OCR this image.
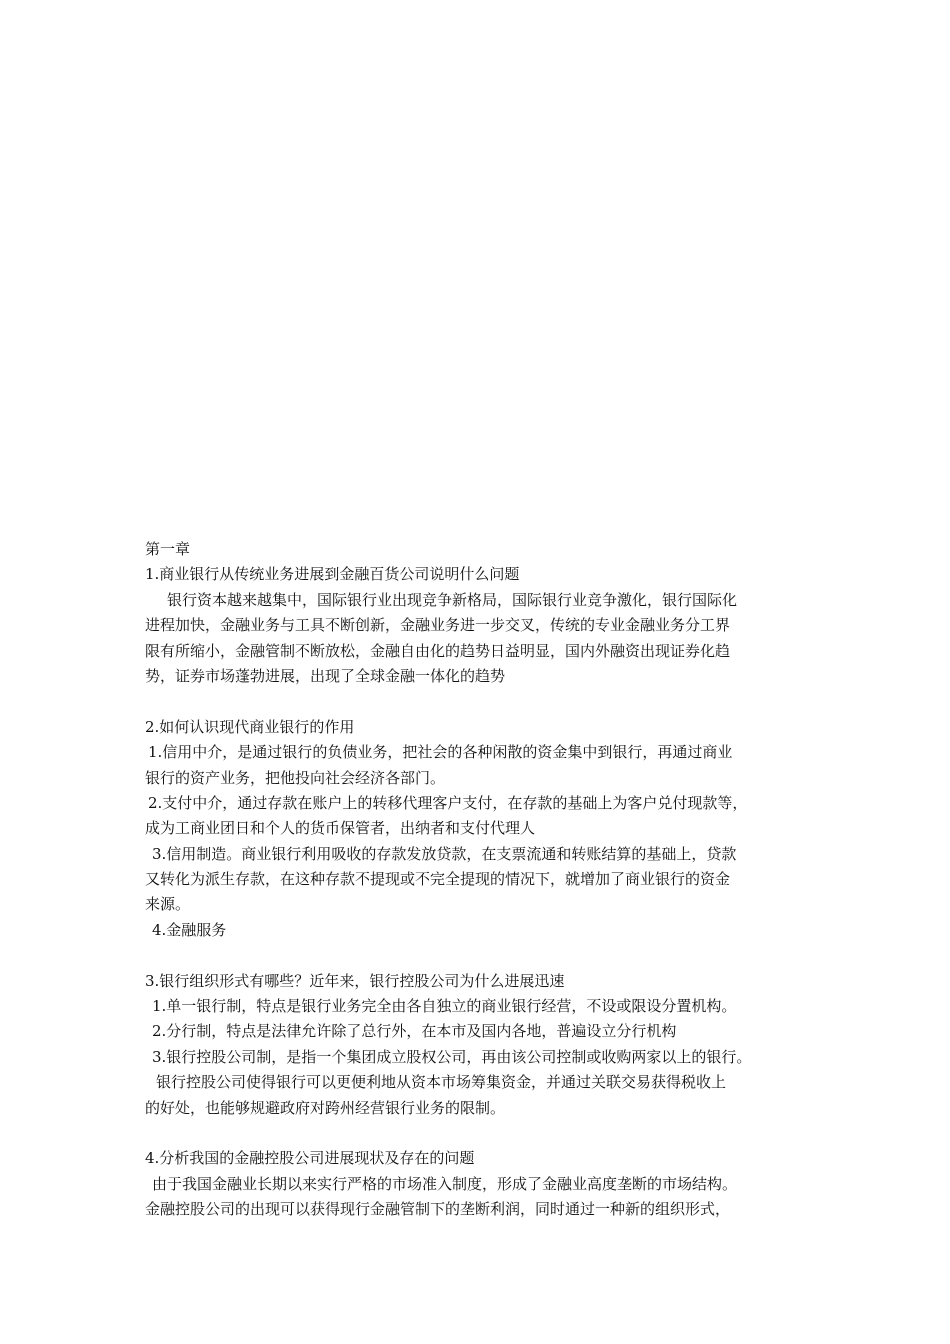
第一章
1.商业银行从传统业务进展到金融百货公司说明什么问题
银行资本越来越集中，国际银行业出现竞争新格局，国际银行业竞争激化，银行国际化
进程加快，金融业务与工具不断创新，金融业务进一步交叉，传统的专业金融业务分工界
限有所缩小，金融管制不断放松，金融自由化的趋势日益明显，国内外融资出现证券化趋
势，证券市场蓬勃进展，出现了全球金融一体化的趋势
2.如何认识现代商业银行的作用
1.信用中介，是通过银行的负债业务，把社会的各种闲散的资金集中到银行，再通过商业
银行的资产业务，把他投向社会经济各部门。
2.支付中介，通过存款在账户上的转移代理客户支付，在存款的基础上为客户兑付现款等，
成为工商业团日和个人的货币保管者，出纳者和支付代理人
3.信用制造。商业银行利用吸收的存款发放贷款，在支票流通和转账结算的基础上，贷款
又转化为派生存款，在这种存款不提现或不完全提现的情况下，就增加了商业银行的资金
来源。
4.金融服务
3.银行组织形式有哪些？近年来，银行控股公司为什么进展迅速
1.单一银行制，特点是银行业务完全由各自独立的商业银行经营，不设或限设分置机构。
2.分行制，特点是法律允许除了总行外，在本市及国内各地，普遍设立分行机构
3.银行控股公司制，是指一个集团成立股权公司，再由该公司控制或收购两家以上的银行。
银行控股公司使得银行可以更便利地从资本市场筹集资金，并通过关联交易获得税收上
的好处，也能够规避政府对跨州经营银行业务的限制。
4.分析我国的金融控股公司进展现状及存在的问题
由于我国金融业长期以来实行严格的市场准入制度，形成了金融业高度垄断的市场结构。
金融控股公司的出现可以获得现行金融管制下的垄断利润，同时通过一种新的组织形式，
